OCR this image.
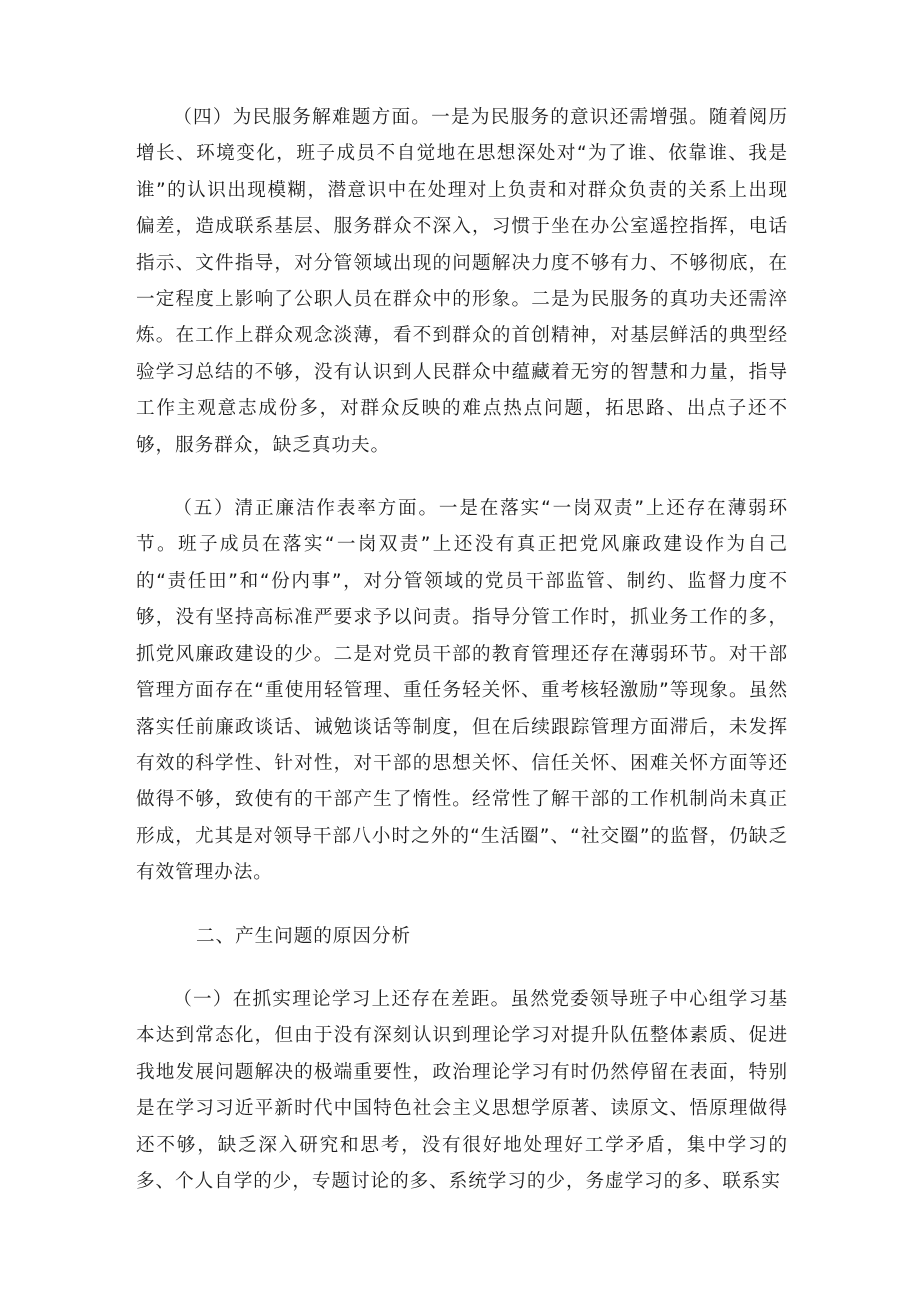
（四）为民服务解难题方面。一是为民服务的意识还需增强。随着阅历增长、环境变化，班子成员不自觉地在思想深处对“为了谁、依靠谁、我是谁”的认识出现模糊，潜意识中在处理对上负责和对群众负责的关系上出现偏差，造成联系基层、服务群众不深入，习惯于坐在办公室遥控指挥，电话指示、文件指导，对分管领域出现的问题解决力度不够有力、不够彻底，在一定程度上影响了公职人员在群众中的形象。二是为民服务的真功夫还需淬炼。在工作上群众观念淡薄，看不到群众的首创精神，对基层鲜活的典型经验学习总结的不够，没有认识到人民群众中蕴藏着无穷的智慧和力量，指导工作主观意志成份多，对群众反映的难点热点问题，拓思路、出点子还不够，服务群众，缺乏真功夫。

（五）清正廉洁作表率方面。一是在落实“一岗双责”上还存在薄弱环节。班子成员在落实“一岗双责”上还没有真正把党风廉政建设作为自己的“责任田”和“份内事”，对分管领域的党员干部监管、制约、监督力度不够，没有坚持高标准严要求予以问责。指导分管工作时，抓业务工作的多，抓党风廉政建设的少。二是对党员干部的教育管理还存在薄弱环节。对干部管理方面存在“重使用轻管理、重任务轻关怀、重考核轻激励”等现象。虽然落实任前廉政谈话、诫勉谈话等制度，但在后续跟踪管理方面滞后，未发挥有效的科学性、针对性，对干部的思想关怀、信任关怀、困难关怀方面等还做得不够，致使有的干部产生了惰性。经常性了解干部的工作机制尚未真正形成，尤其是对领导干部八小时之外的“生活圈”、“社交圈”的监督，仍缺乏有效管理办法。

二、产生问题的原因分析

（一）在抓实理论学习上还存在差距。虽然党委领导班子中心组学习基本达到常态化，但由于没有深刻认识到理论学习对提升队伍整体素质、促进我地发展问题解决的极端重要性，政治理论学习有时仍然停留在表面，特别是在学习习近平新时代中国特色社会主义思想学原著、读原文、悟原理做得还不够，缺乏深入研究和思考，没有很好地处理好工学矛盾，集中学习的多、个人自学的少，专题讨论的多、系统学习的少，务虚学习的多、联系实
